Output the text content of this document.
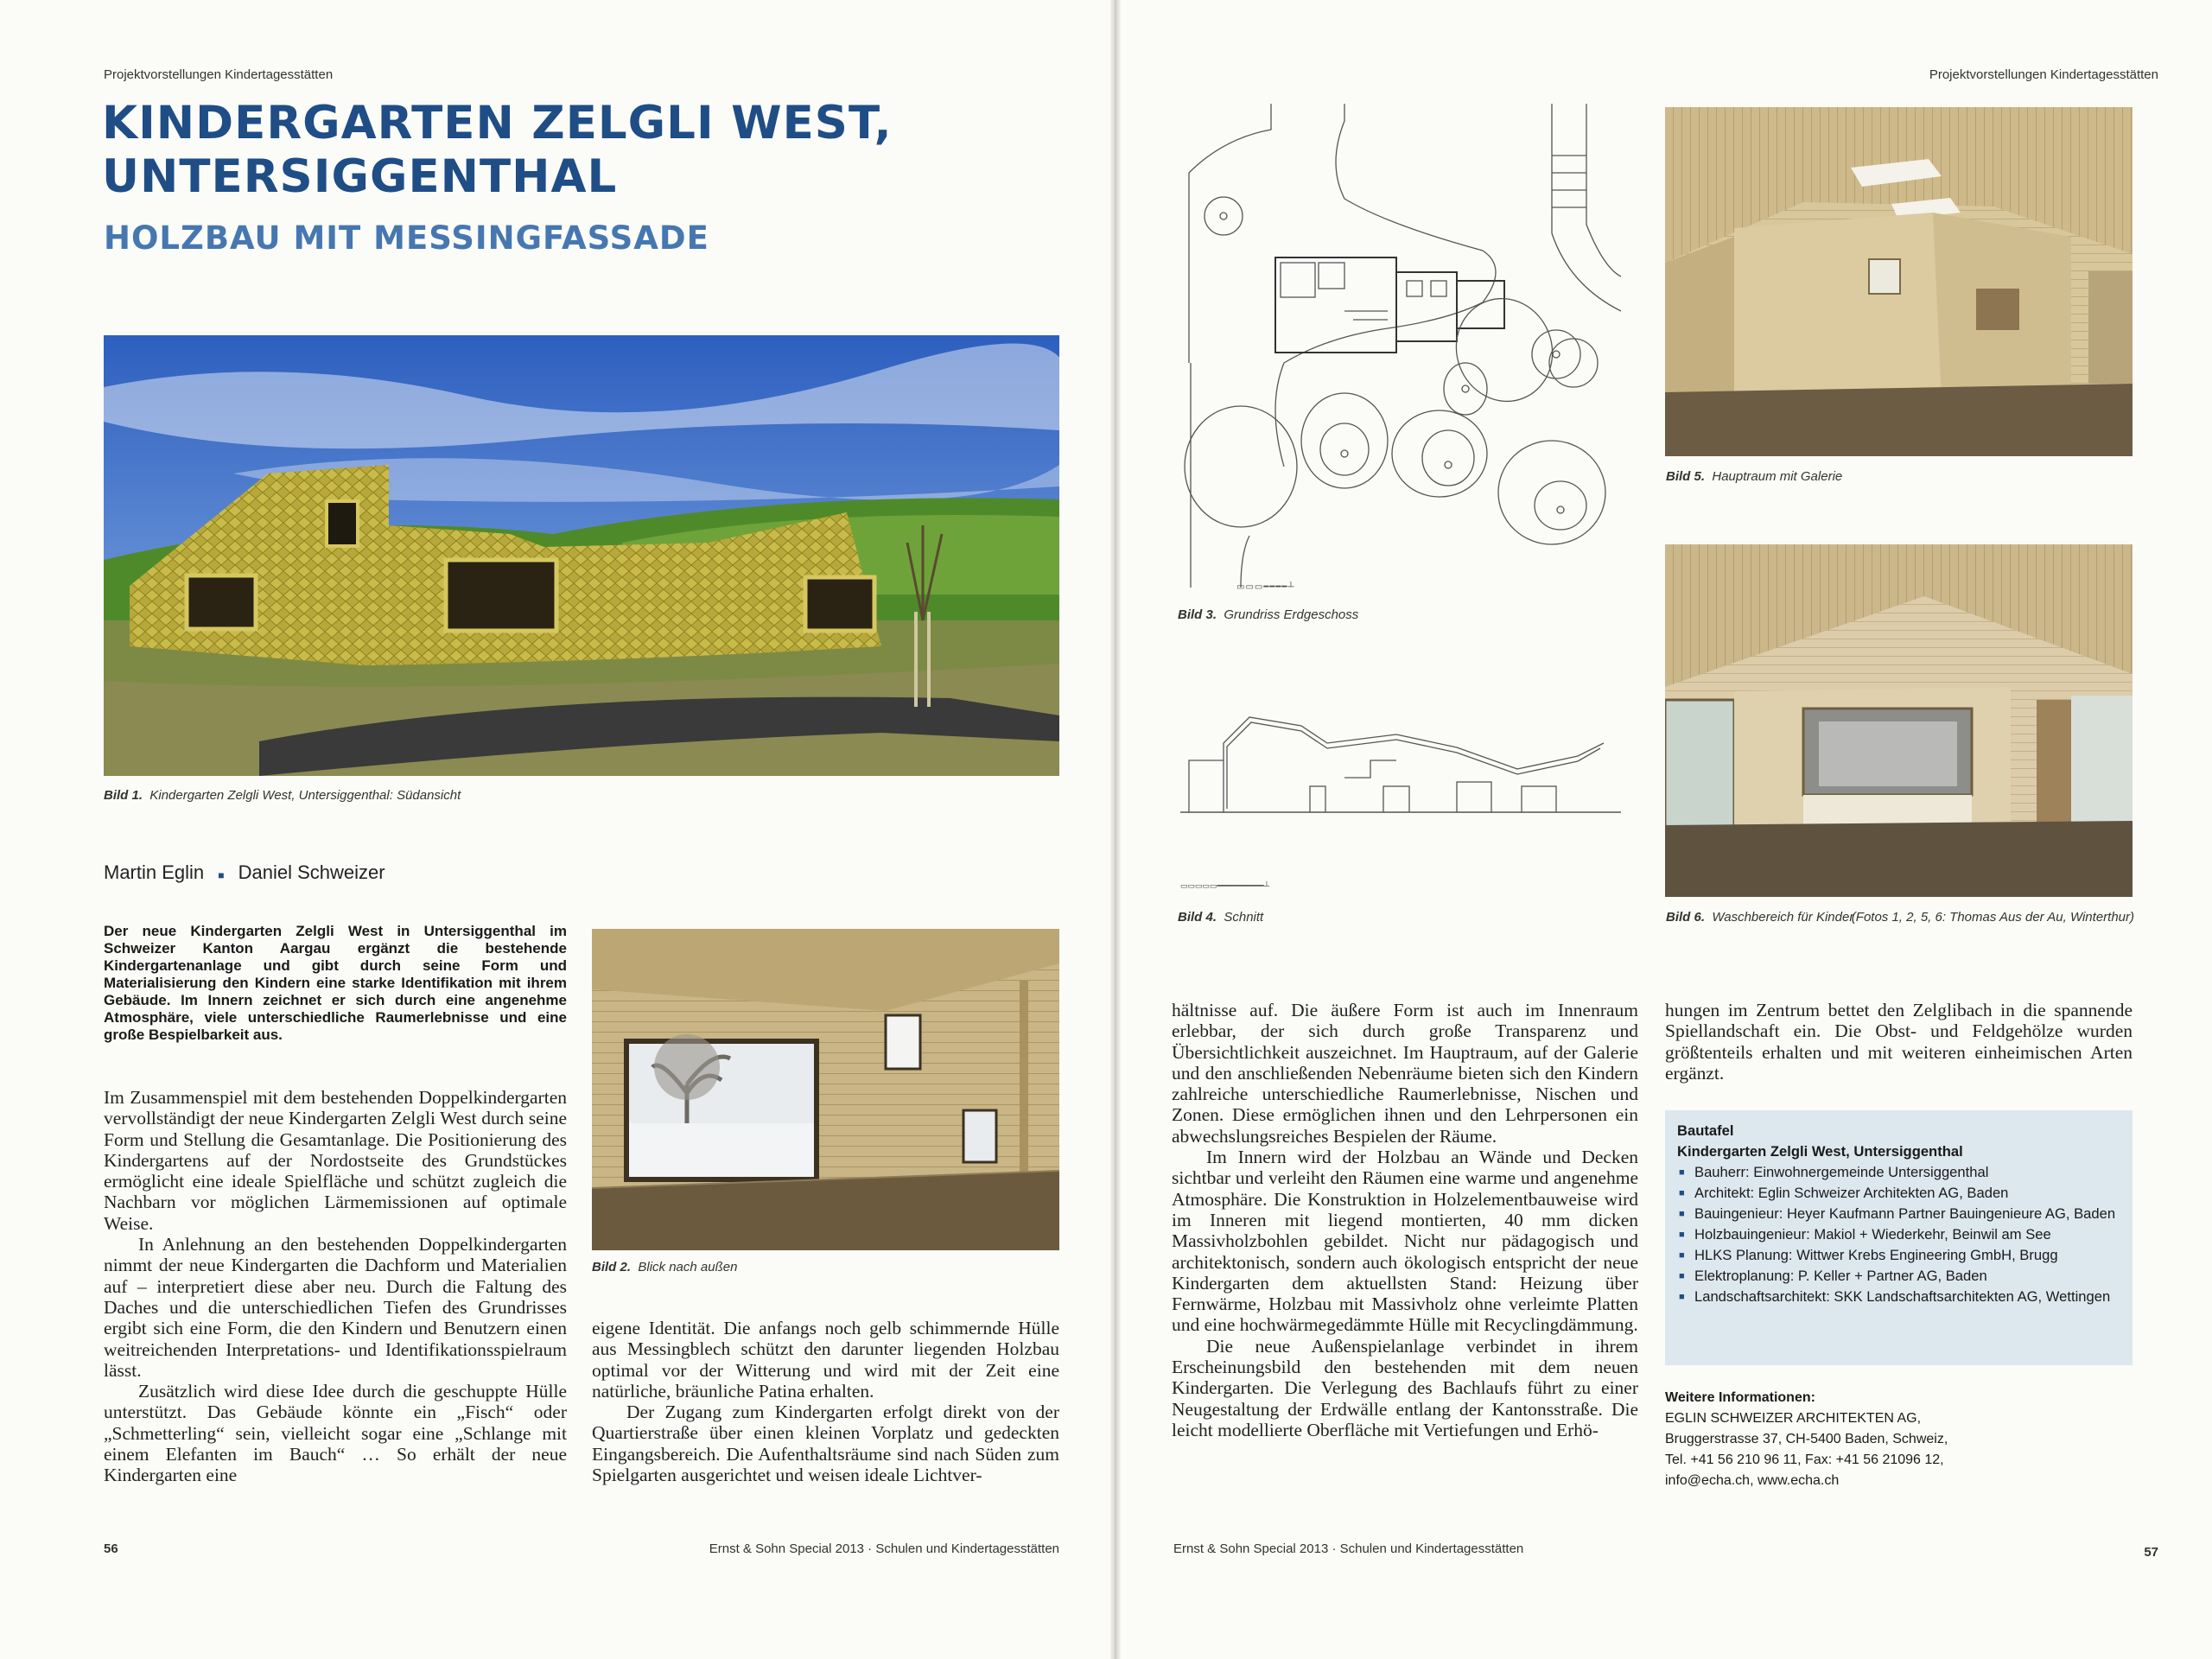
Projektvorstellungen Kindertagesstätten
KINDERGARTEN ZELGLI WEST,
UNTERSIGGENTHAL
HOLZBAU MIT MESSINGFASSADE
Bild 1. Kindergarten Zelgli West, Untersiggenthal: Südansicht
Martin Eglin ■ Daniel Schweizer
Der neue Kindergarten Zelgli West in Untersiggenthal im Schweizer Kanton Aargau ergänzt die bestehende Kindergartenanlage und gibt durch seine Form und Materialisierung den Kindern eine starke Identifikation mit ihrem Gebäude. Im Innern zeichnet er sich durch eine angenehme Atmosphäre, viele unterschiedliche Raumerlebnisse und eine große Bespielbarkeit aus.
Bild 2. Blick nach außen

Im Zusammenspiel mit dem bestehenden Doppelkindergarten vervollständigt der neue Kindergarten Zelgli West durch seine Form und Stellung die Gesamtanlage. Die Positionierung des Kindergartens auf der Nordostseite des Grundstückes ermöglicht eine ideale Spielfläche und schützt zugleich die Nachbarn vor möglichen Lärmemissionen auf optimale Weise.

In Anlehnung an den bestehenden Doppelkindergarten nimmt der neue Kindergarten die Dachform und Materialien auf – interpretiert diese aber neu. Durch die Faltung des Daches und die unterschiedlichen Tiefen des Grundrisses ergibt sich eine Form, die den Kindern und Benutzern einen weitreichenden Interpretations- und Identifikationsspielraum lässt.

Zusätzlich wird diese Idee durch die geschuppte Hülle unterstützt. Das Gebäude könnte ein „Fisch“ oder „Schmetterling“ sein, vielleicht sogar eine „Schlange mit einem Elefanten im Bauch“ … So erhält der neue Kindergarten eine

eigene Identität. Die anfangs noch gelb schimmernde Hülle aus Messingblech schützt den darunter liegenden Holzbau optimal vor der Witterung und wird mit der Zeit eine natürliche, bräunliche Patina erhalten.

Der Zugang zum Kindergarten erfolgt direkt von der Quartierstraße über einen kleinen Vorplatz und gedeckten Eingangsbereich. Die Aufenthaltsräume sind nach Süden zum Spielgarten ausgerichtet und weisen ideale Lichtver-

56	Ernst & Sohn Special 2013 · Schulen und Kindertagesstätten
Projektvorstellungen Kindertagesstätten
▭▭▭━━━━┴
Bild 3. Grundriss Erdgeschoss
▭▭▭▭▭━━━━━━━━━━┴
Bild 4. Schnitt
Bild 5. Hauptraum mit Galerie
Bild 6. Waschbereich für Kinder
(Fotos 1, 2, 5, 6: Thomas Aus der Au, Winterthur)

hältnisse auf. Die äußere Form ist auch im Innenraum erlebbar, der sich durch große Transparenz und Übersichtlichkeit auszeichnet. Im Hauptraum, auf der Galerie und den anschließenden Nebenräume bieten sich den Kindern zahlreiche unterschiedliche Raumerlebnisse, Nischen und Zonen. Diese ermöglichen ihnen und den Lehrpersonen ein abwechslungsreiches Bespielen der Räume.

Im Innern wird der Holzbau an Wände und Decken sichtbar und verleiht den Räumen eine warme und angenehme Atmosphäre. Die Konstruktion in Holzelementbauweise wird im Inneren mit liegend montierten, 40 mm dicken Massivholzbohlen gebildet. Nicht nur pädagogisch und architektonisch, sondern auch ökologisch entspricht der neue Kindergarten dem aktuellsten Stand: Heizung über Fernwärme, Holzbau mit Massivholz ohne verleimte Platten und eine hochwärmegedämmte Hülle mit Recyclingdämmung.

Die neue Außenspielanlage verbindet in ihrem Erscheinungsbild den bestehenden mit dem neuen Kindergarten. Die Verlegung des Bachlaufs führt zu einer Neugestaltung der Erdwälle entlang der Kantonsstraße. Die leicht modellierte Oberfläche mit Vertiefungen und Erhö-

hungen im Zentrum bettet den Zelglibach in die spannende Spiellandschaft ein. Die Obst- und Feldgehölze wurden größtenteils erhalten und mit weiteren einheimischen Arten ergänzt.

Bautafel
Kindergarten Zelgli West, Untersiggenthal
■ Bauherr: Einwohnergemeinde Untersiggenthal
■ Architekt: Eglin Schweizer Architekten AG, Baden
■ Bauingenieur: Heyer Kaufmann Partner Bauingenieure AG, Baden
■ Holzbauingenieur: Makiol + Wiederkehr, Beinwil am See
■ HLKS Planung: Wittwer Krebs Engineering GmbH, Brugg
■ Elektroplanung: P. Keller + Partner AG, Baden
■ Landschaftsarchitekt: SKK Landschaftsarchitekten AG, Wettingen
Weitere Informationen:
EGLIN SCHWEIZER ARCHITEKTEN AG,
Bruggerstrasse 37, CH-5400 Baden, Schweiz,
Tel. +41 56 210 96 11, Fax: +41 56 21096 12,
info@echa.ch, www.echa.ch
Ernst & Sohn Special 2013 · Schulen und Kindertagesstätten	57
